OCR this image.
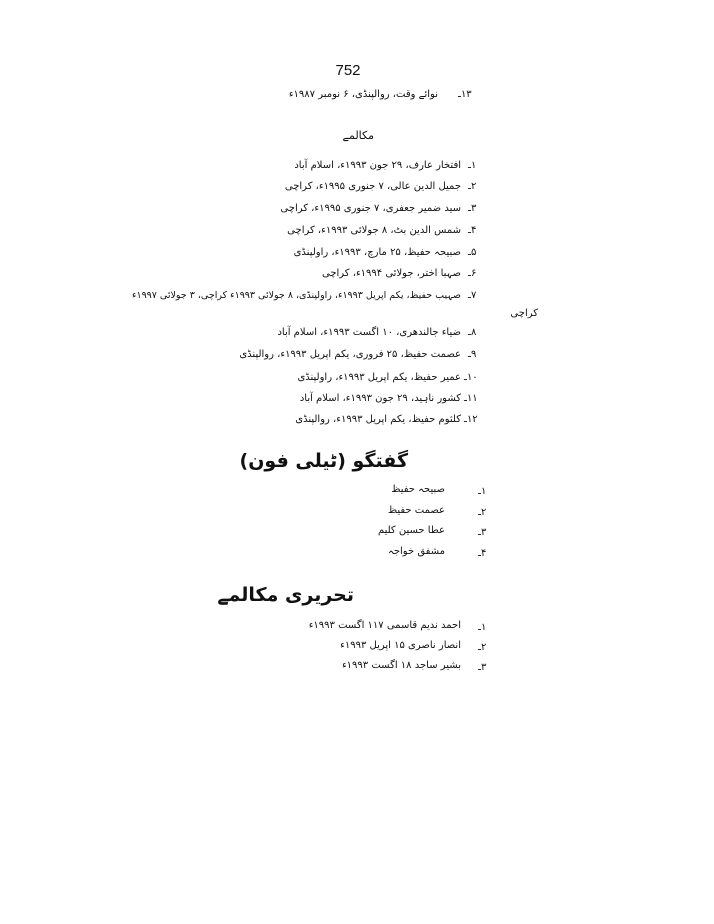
752
۱۳ـ
نوائے وقت، روالپنڈی، ۶ نومبر ۱۹۸۷ء
مکالمے
۱ـ
افتخار عارف، ۲۹ جون ۱۹۹۳ء، اسلام آباد
۲ـ
جمیل الدین عالی، ۷ جنوری ۱۹۹۵ء، کراچی
۳ـ
سید ضمیر جعفری، ۷ جنوری ۱۹۹۵ء، کراچی
۴ـ
شمس الدین بٹ، ۸ جولائی ۱۹۹۳ء، کراچی
۵ـ
صبیحہ حفیظ، ۲۵ مارچ، ۱۹۹۳ء، راولپنڈی
۶ـ
صہبا اختر، جولائی ۱۹۹۴ء، کراچی
۷ـ
صہیب حفیظ، یکم اپریل ۱۹۹۳ء، راولپنڈی، ۸ جولائی ۱۹۹۳ء کراچی، ۳ جولائی ۱۹۹۷ء
کراچی
۸ـ
ضیاء جالندھری، ۱۰ اگست ۱۹۹۳ء، اسلام آباد
۹ـ
عصمت حفیظ، ۲۵ فروری، یکم اپریل ۱۹۹۳ء، روالپنڈی
۱۰ـ
عمیر حفیظ، یکم اپریل ۱۹۹۳ء، راولپنڈی
۱۱ـ
کشور ناہید، ۲۹ جون ۱۹۹۳ء، اسلام آباد
۱۲ـ
کلثوم حفیظ، یکم اپریل ۱۹۹۳ء، روالپنڈی
گفتگو (ٹیلی فون)
۱ـ
صبیحہ حفیظ
۲ـ
عصمت حفیظ
۳ـ
عطا حسین کلیم
۴ـ
مشفق خواجہ
تحریری مکالمے
۱ـ
احمد ندیم قاسمی ۱۱۷ اگست ۱۹۹۳ء
۲ـ
انصار ناصری ۱۵ اپریل ۱۹۹۳ء
۳ـ
بشیر ساجد ۱۸ اگست ۱۹۹۳ء
